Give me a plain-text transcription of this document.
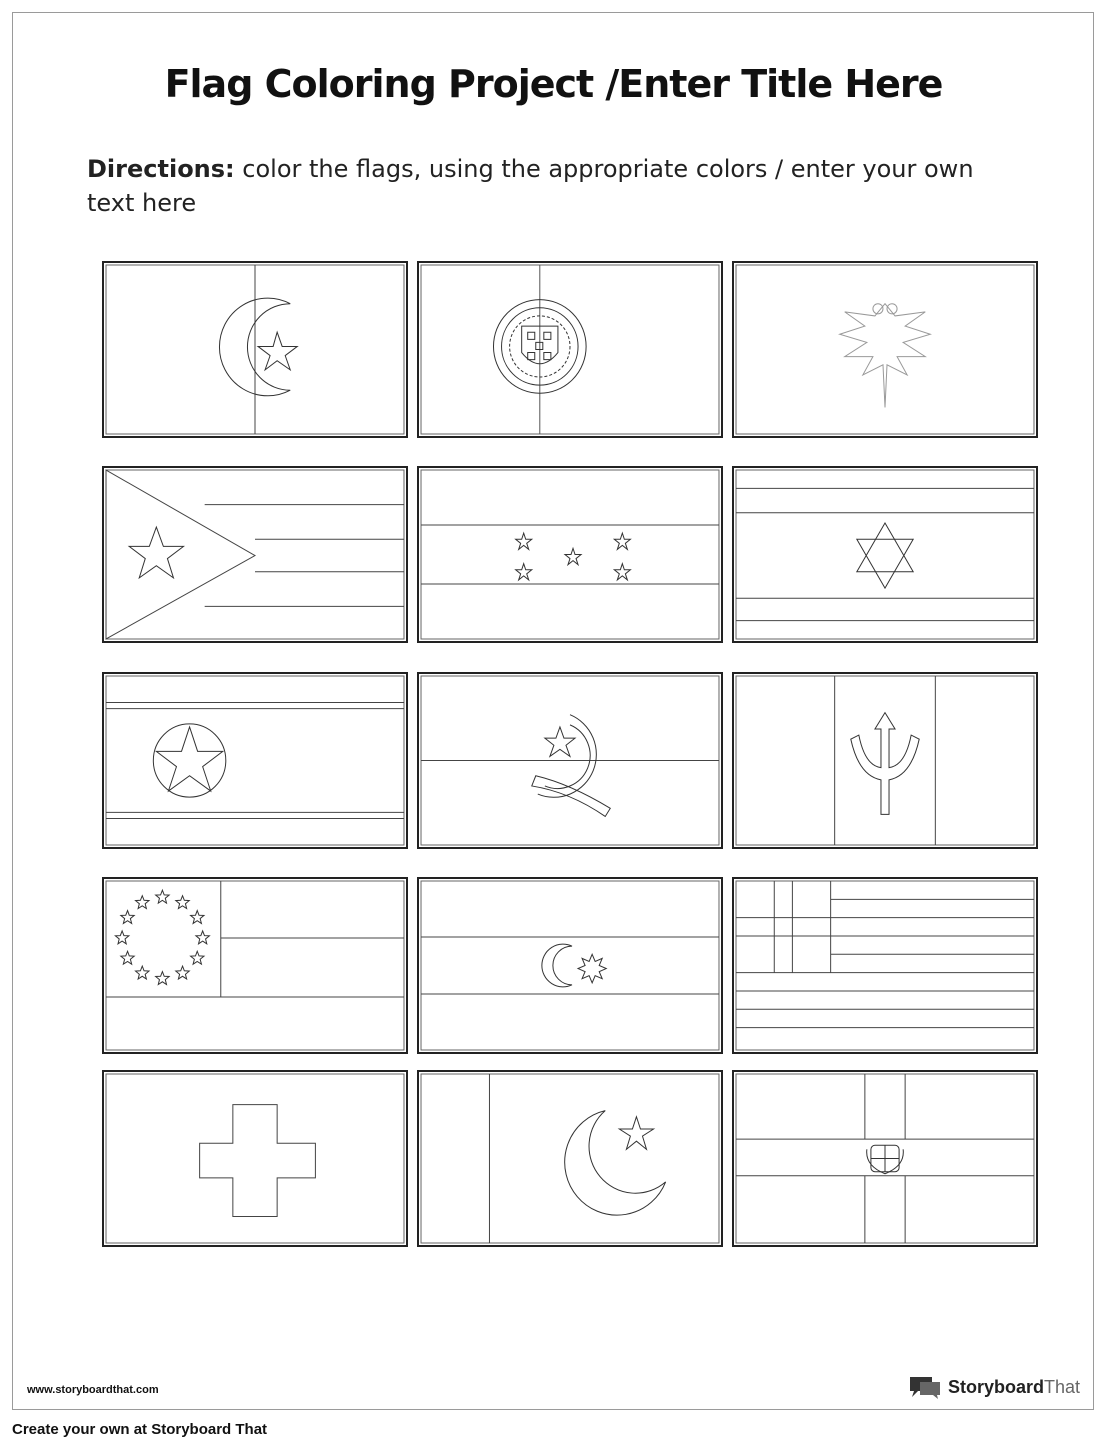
Flag Coloring Project /Enter Title Here
Directions: color the flags, using the appropriate colors / enter your own text here
www.storyboardthat.com	StoryboardThat
Create your own at Storyboard That
